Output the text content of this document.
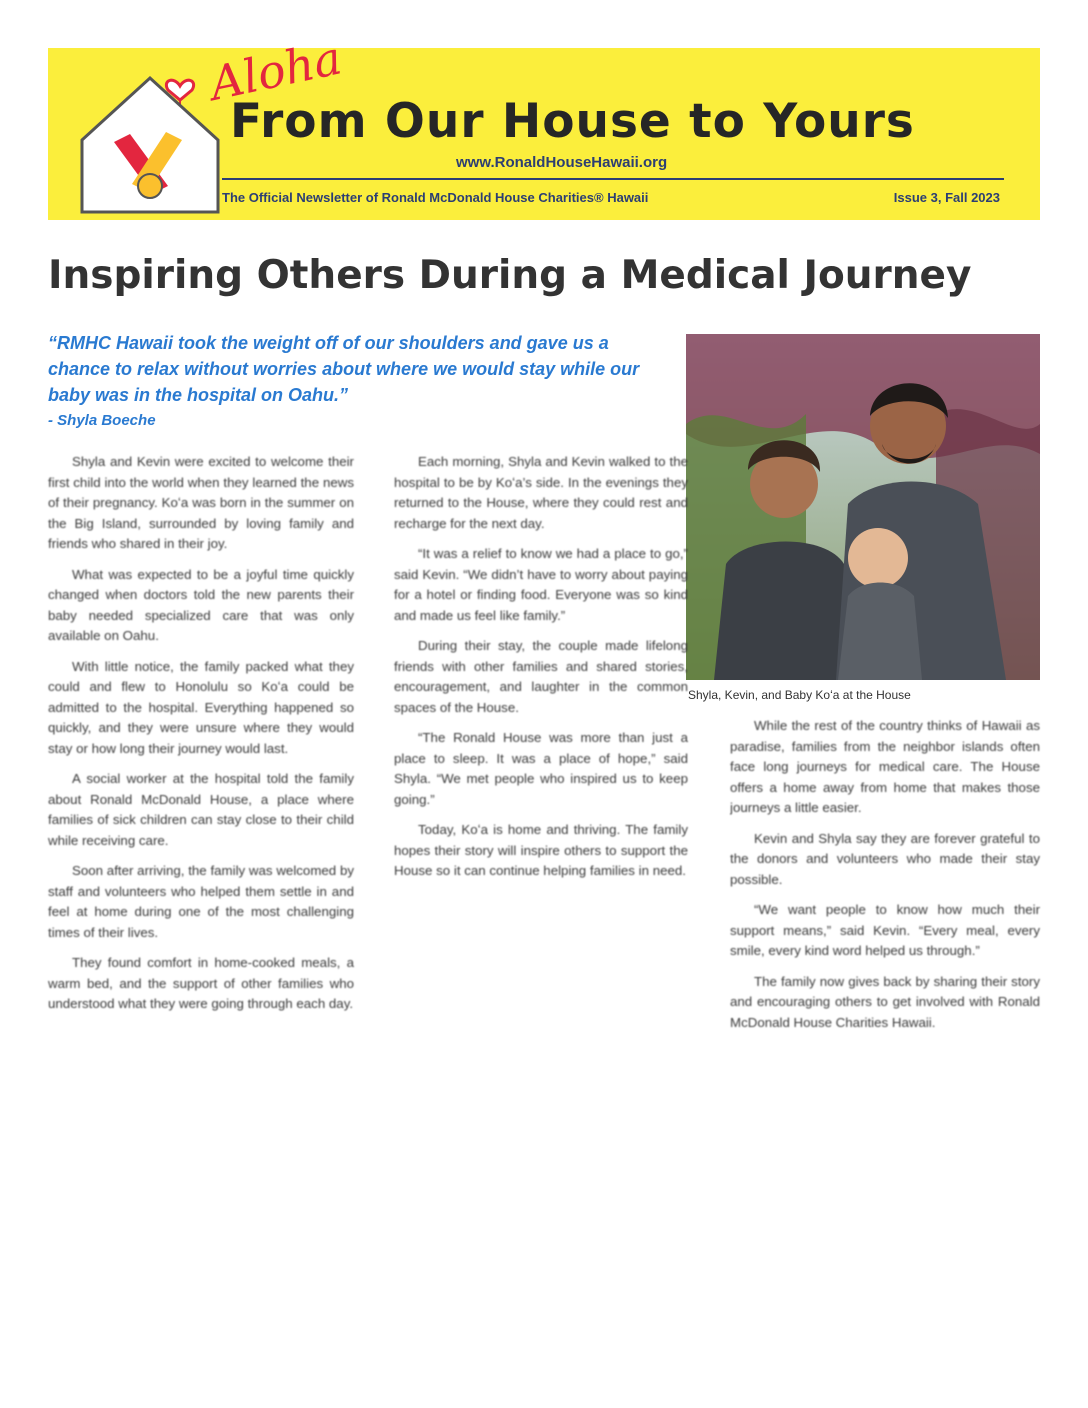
Aloha
From Our House to Yours
www.RonaldHouseHawaii.org
The Official Newsletter of Ronald McDonald House Charities® Hawaii	Issue 3, Fall 2023
Inspiring Others During a Medical Journey
“RMHC Hawaii took the weight off of our shoulders and gave us a chance to relax without worries about where we would stay while our baby was in the hospital on Oahu.”
- Shyla Boeche
Shyla, Kevin, and Baby Koʻa at the House

Shyla and Kevin were excited to welcome their first child into the world when they learned the news of their pregnancy. Koʻa was born in the summer on the Big Island, surrounded by loving family and friends who shared in their joy.

What was expected to be a joyful time quickly changed when doctors told the new parents their baby needed specialized care that was only available on Oahu.

With little notice, the family packed what they could and flew to Honolulu so Koʻa could be admitted to the hospital. Everything happened so quickly, and they were unsure where they would stay or how long their journey would last.

A social worker at the hospital told the family about Ronald McDonald House, a place where families of sick children can stay close to their child while receiving care.

Soon after arriving, the family was welcomed by staff and volunteers who helped them settle in and feel at home during one of the most challenging times of their lives.

They found comfort in home-cooked meals, a warm bed, and the support of other families who understood what they were going through each day.

Each morning, Shyla and Kevin walked to the hospital to be by Koʻa’s side. In the evenings they returned to the House, where they could rest and recharge for the next day.

“It was a relief to know we had a place to go,” said Kevin. “We didn’t have to worry about paying for a hotel or finding food. Everyone was so kind and made us feel like family.”

During their stay, the couple made lifelong friends with other families and shared stories, encouragement, and laughter in the common spaces of the House.

“The Ronald House was more than just a place to sleep. It was a place of hope,” said Shyla. “We met people who inspired us to keep going.”

Today, Koʻa is home and thriving. The family hopes their story will inspire others to support the House so it can continue helping families in need.

While the rest of the country thinks of Hawaii as paradise, families from the neighbor islands often face long journeys for medical care. The House offers a home away from home that makes those journeys a little easier.

Kevin and Shyla say they are forever grateful to the donors and volunteers who made their stay possible.

“We want people to know how much their support means,” said Kevin. “Every meal, every smile, every kind word helped us through.”

The family now gives back by sharing their story and encouraging others to get involved with Ronald McDonald House Charities Hawaii.
